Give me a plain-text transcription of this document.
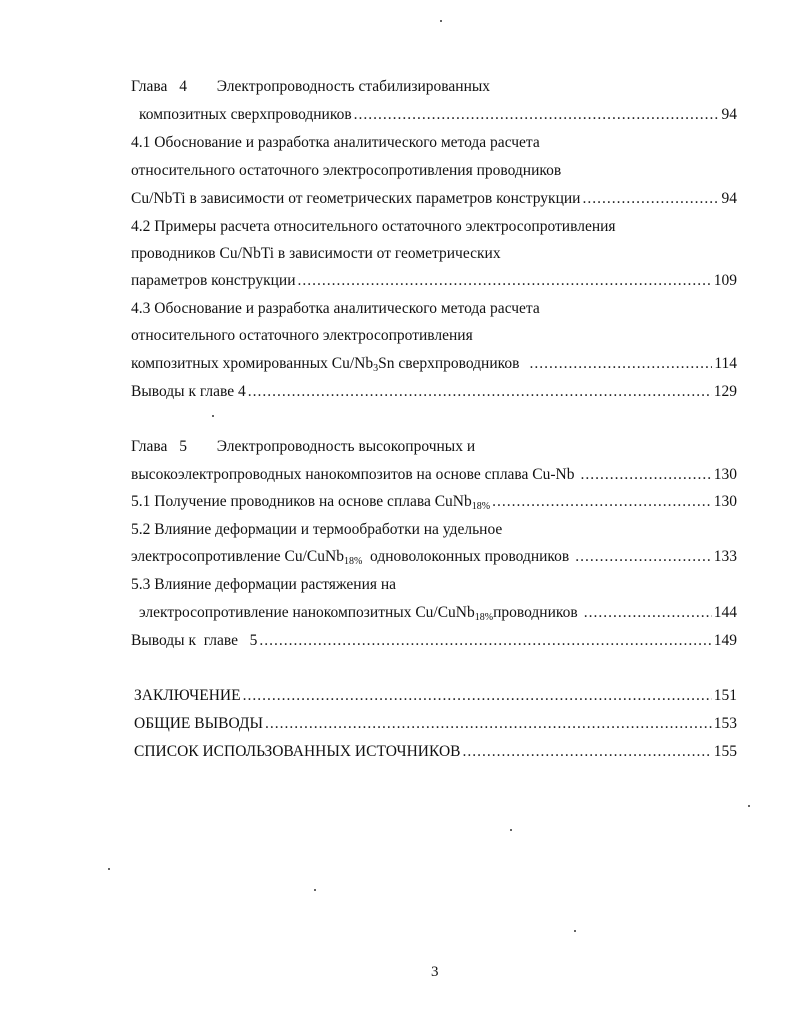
Глава 4 Электропроводность стабилизированных
композитных сверхпроводников .....	94
4.1 Обоснование и разработка аналитического метода расчета
относительного остаточного электросопротивления проводников
Cu/NbTi в зависимости от геометрических параметров конструкции .....	94
4.2 Примеры расчета относительного остаточного электросопротивления
проводников Cu/NbTi в зависимости от геометрических
параметров конструкции .....	109
4.3 Обоснование и разработка аналитического метода расчета
относительного остаточного электросопротивления
композитных хромированных $Cu/Nb_3Sn$ сверхпроводников .....	114
Выводы к главе 4 .....	129
Глава 5 Электропроводность высокопрочных и
высокоэлектропроводных нанокомпозитов на основе сплава Cu-Nb .....	130
5.1 Получение проводников на основе сплава CuNb$_{18\%}$ .....	130
5.2 Влияние деформации и термообработки на удельное
электросопротивление Cu/CuNb$_{18\%}$  одноволоконных проводников .....	133
5.3 Влияние деформации растяжения на
электросопротивление нанокомпозитных Cu/CuNb$_{18\%}$проводников .....	144
Выводы к  главе   5 .....	149
ЗАКЛЮЧЕНИЕ .....	151
ОБЩИЕ ВЫВОДЫ .....	153
СПИСОК ИСПОЛЬЗОВАННЫХ ИСТОЧНИКОВ .....	155
3
